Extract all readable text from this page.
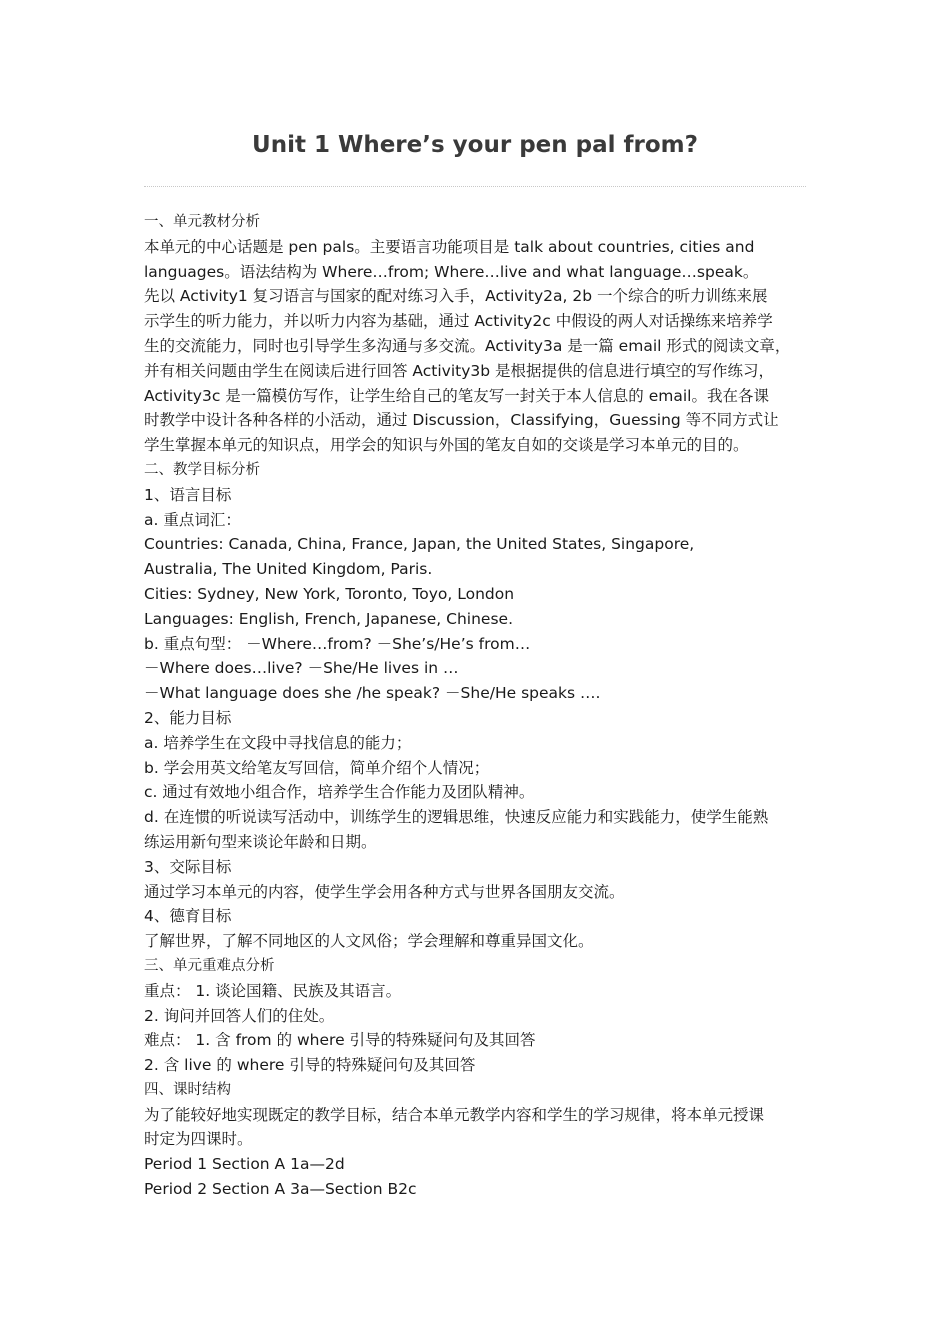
Unit 1 Where’s your pen pal from?
一、单元教材分析
本单元的中心话题是 pen pals。主要语言功能项目是 talk about countries, cities and
languages。语法结构为 Where…from; Where…live and what language…speak。
先以 Activity1 复习语言与国家的配对练习入手，Activity2a, 2b 一个综合的听力训练来展
示学生的听力能力，并以听力内容为基础，通过 Activity2c 中假设的两人对话操练来培养学
生的交流能力，同时也引导学生多沟通与多交流。Activity3a 是一篇 email 形式的阅读文章，
并有相关问题由学生在阅读后进行回答 Activity3b 是根据提供的信息进行填空的写作练习，
Activity3c 是一篇模仿写作，让学生给自己的笔友写一封关于本人信息的 email。我在各课
时教学中设计各种各样的小活动，通过 Discussion，Classifying，Guessing 等不同方式让
学生掌握本单元的知识点，用学会的知识与外国的笔友自如的交谈是学习本单元的目的。
二、教学目标分析
1、语言目标
a. 重点词汇：
Countries: Canada, China, France, Japan, the United States, Singapore,
Australia, The United Kingdom, Paris.
Cities: Sydney, New York, Toronto, Toyo, London
Languages: English, French, Japanese, Chinese.
b. 重点句型： －Where…from? －She’s/He’s from…
－Where does…live? －She/He lives in …
－What language does she /he speak? －She/He speaks ….
2、能力目标
a. 培养学生在文段中寻找信息的能力；
b. 学会用英文给笔友写回信，简单介绍个人情况；
c. 通过有效地小组合作，培养学生合作能力及团队精神。
d. 在连惯的听说读写活动中，训练学生的逻辑思维，快速反应能力和实践能力，使学生能熟
练运用新句型来谈论年龄和日期。
3、交际目标
通过学习本单元的内容，使学生学会用各种方式与世界各国朋友交流。
4、德育目标
了解世界，了解不同地区的人文风俗；学会理解和尊重异国文化。
三、单元重难点分析
重点： 1. 谈论国籍、民族及其语言。
2. 询问并回答人们的住处。
难点： 1. 含 from 的 where 引导的特殊疑问句及其回答
2. 含 live 的 where 引导的特殊疑问句及其回答
四、课时结构
为了能较好地实现既定的教学目标，结合本单元教学内容和学生的学习规律，将本单元授课
时定为四课时。
Period 1 Section A 1a—2d
Period 2 Section A 3a—Section B2c
